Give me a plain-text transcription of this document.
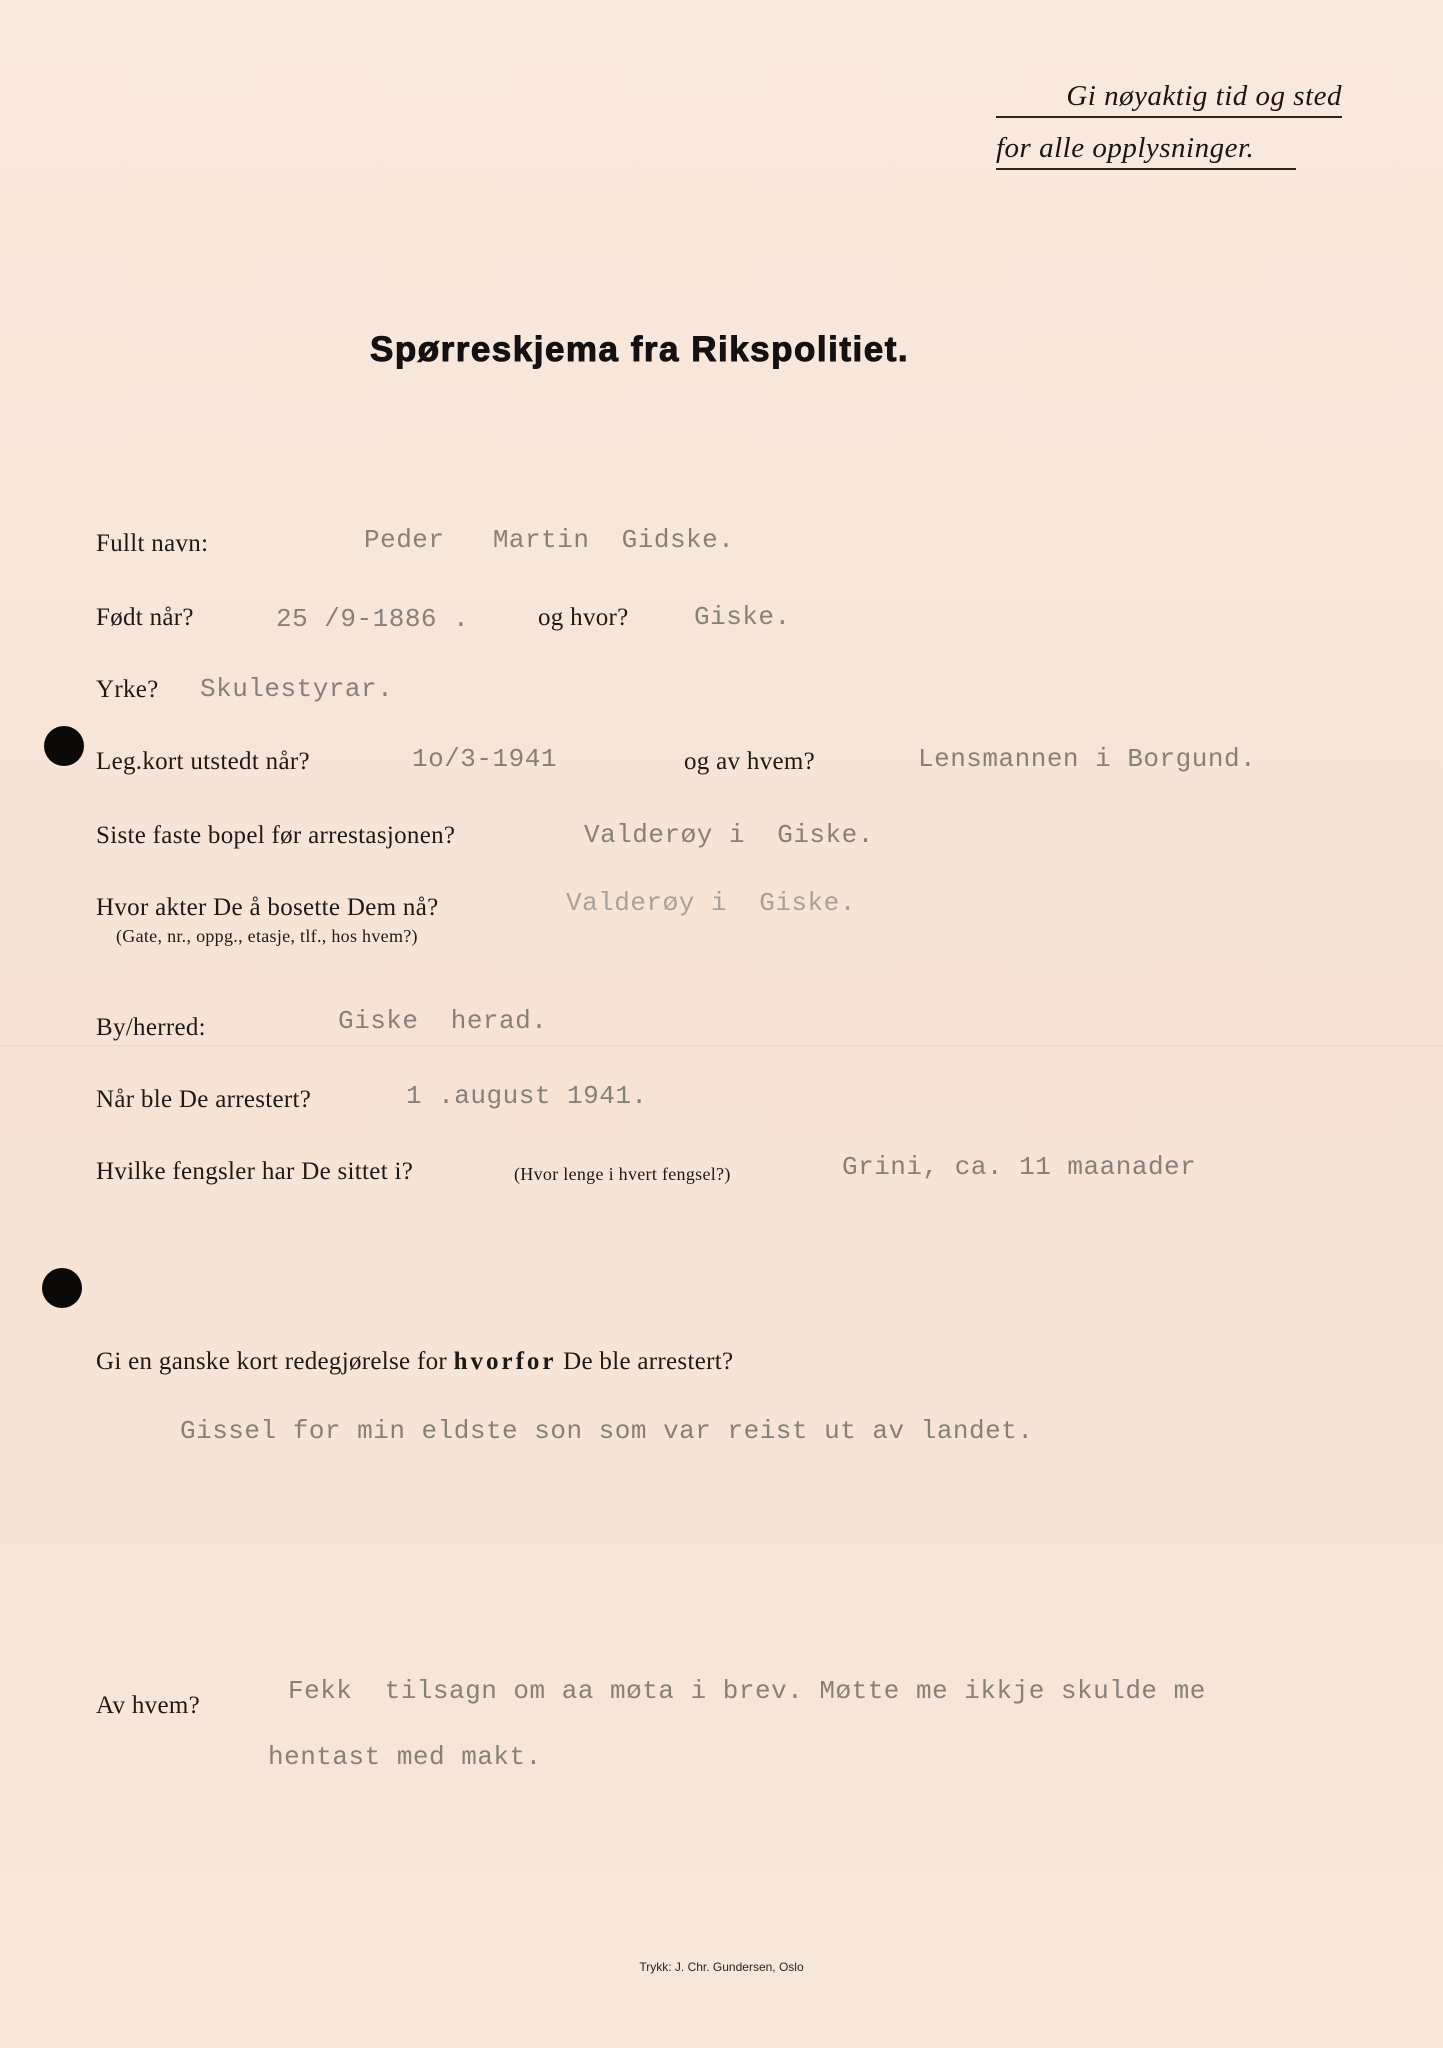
Gi nøyaktig tid og sted
for alle opplysninger.
Spørreskjema fra Rikspolitiet.
Fullt navn:	Peder   Martin  Gidske.
Født når?	25 /9-1886 .	og hvor?	Giske.
Yrke? Skulestyrar.
Leg.kort utstedt når?	1o/3-1941	og av hvem?	Lensmannen i Borgund.
Siste faste bopel før arrestasjonen?	Valderøy i  Giske.
Hvor akter De å bosette Dem nå?
(Gate, nr., oppg., etasje, tlf., hos hvem?)
Valderøy i  Giske.
By/herred:	Giske  herad.
Når ble De arrestert?	1 .august 1941.
Hvilke fengsler har De sittet i?	(Hvor lenge i hvert fengsel?)	Grini, ca. 11 maanader
Gi en ganske kort redegjørelse for hvorfor De ble arrestert?
Gissel for min eldste son som var reist ut av landet.
Av hvem?	Fekk  tilsagn om aa møta i brev. Møtte me ikkje skulde me
hentast med makt.
Trykk: J. Chr. Gundersen, Oslo
